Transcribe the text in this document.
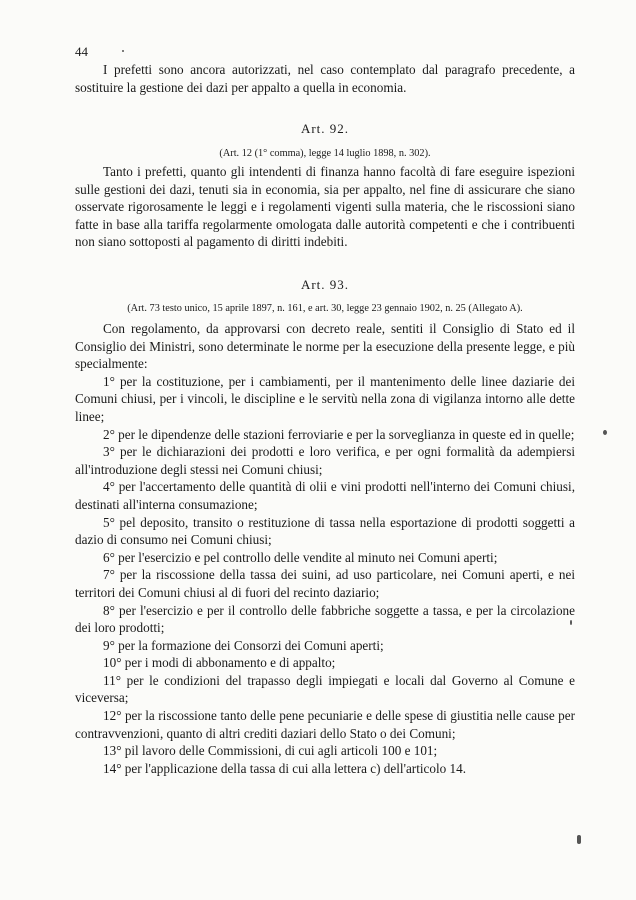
44

I prefetti sono ancora autorizzati, nel caso contemplato dal paragrafo precedente, a sostituire la gestione dei dazi per appalto a quella in economia.

Art. 92.
(Art. 12 (1° comma), legge 14 luglio 1898, n. 302).

Tanto i prefetti, quanto gli intendenti di finanza hanno facoltà di fare eseguire ispezioni sulle gestioni dei dazi, tenuti sia in economia, sia per appalto, nel fine di assicurare che siano osservate rigorosamente le leggi e i regolamenti vigenti sulla materia, che le riscossioni siano fatte in base alla tariffa regolarmente omologata dalle autorità competenti e che i contribuenti non siano sottoposti al pagamento di diritti indebiti.

Art. 93.
(Art. 73 testo unico, 15 aprile 1897, n. 161, e art. 30, legge 23 gennaio 1902, n. 25 (Allegato A).

Con regolamento, da approvarsi con decreto reale, sentiti il Consiglio di Stato ed il Consiglio dei Ministri, sono determinate le norme per la esecuzione della presente legge, e più specialmente:

1° per la costituzione, per i cambiamenti, per il mantenimento delle linee daziarie dei Comuni chiusi, per i vincoli, le discipline e le servitù nella zona di vigilanza intorno alle dette linee;

2° per le dipendenze delle stazioni ferroviarie e per la sorveglianza in queste ed in quelle;

3° per le dichiarazioni dei prodotti e loro verifica, e per ogni formalità da adempiersi all'introduzione degli stessi nei Comuni chiusi;

4° per l'accertamento delle quantità di olii e vini prodotti nell'interno dei Comuni chiusi, destinati all'interna consumazione;

5° pel deposito, transito o restituzione di tassa nella esportazione di prodotti soggetti a dazio di consumo nei Comuni chiusi;

6° per l'esercizio e pel controllo delle vendite al minuto nei Comuni aperti;

7° per la riscossione della tassa dei suini, ad uso particolare, nei Comuni aperti, e nei territori dei Comuni chiusi al di fuori del recinto daziario;

8° per l'esercizio e per il controllo delle fabbriche soggette a tassa, e per la circolazione dei loro prodotti;

9° per la formazione dei Consorzi dei Comuni aperti;

10° per i modi di abbonamento e di appalto;

11° per le condizioni del trapasso degli impiegati e locali dal Governo al Comune e viceversa;

12° per la riscossione tanto delle pene pecuniarie e delle spese di giustitia nelle cause per contravvenzioni, quanto di altri crediti daziari dello Stato o dei Comuni;

13° pil lavoro delle Commissioni, di cui agli articoli 100 e 101;

14° per l'applicazione della tassa di cui alla lettera c) dell'articolo 14.
